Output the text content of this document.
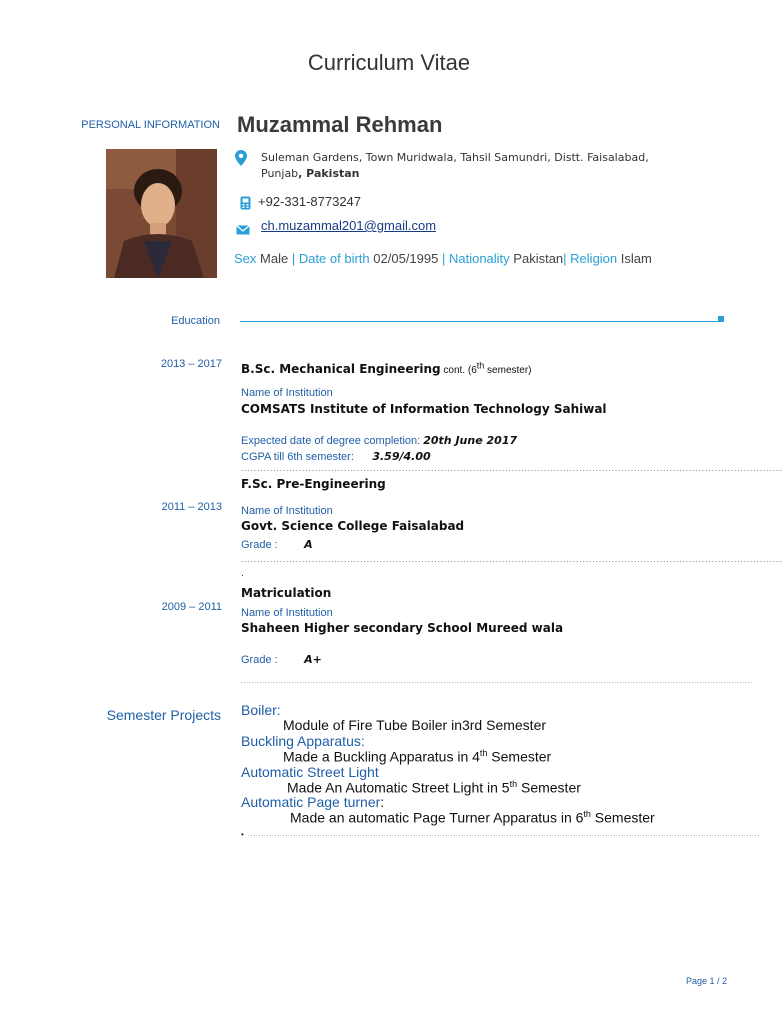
Curriculum Vitae
PERSONAL INFORMATION Muzammal Rehman
Suleman Gardens, Town Muridwala, Tahsil Samundri, Distt. Faisalabad,
Punjab, Pakistan
+92-331-8773247
ch.muzammal201@gmail.com
Sex Male | Date of birth 02/05/1995 | Nationality Pakistan| Religion Islam
Education
2013 – 2017 B.Sc. Mechanical Engineering cont. (6th semester)
Name of Institution
COMSATS Institute of Information Technology Sahiwal
Expected date of degree completion: 20th June 2017
CGPA till 6th semester: 3.59/4.00
........................................................................................................................................................................
F.Sc. Pre-Engineering
2011 – 2013 Name of Institution
Govt. Science College Faisalabad
Grade : A
........................................................................................................................................................................
.
Matriculation
2009 – 2011 Name of Institution
Shaheen Higher secondary School Mureed wala
Grade : A+
................................................................................................................................................................................................
Semester Projects Boiler:
Module of Fire Tube Boiler in3rd Semester
Buckling Apparatus:
Made a Buckling Apparatus in 4th Semester
Automatic Street Light
Made An Automatic Street Light in 5th Semester
Automatic Page turner:
Made an automatic Page Turner Apparatus in 6th Semester
• ................................................................................................................................................................................................
Page 1 / 2
